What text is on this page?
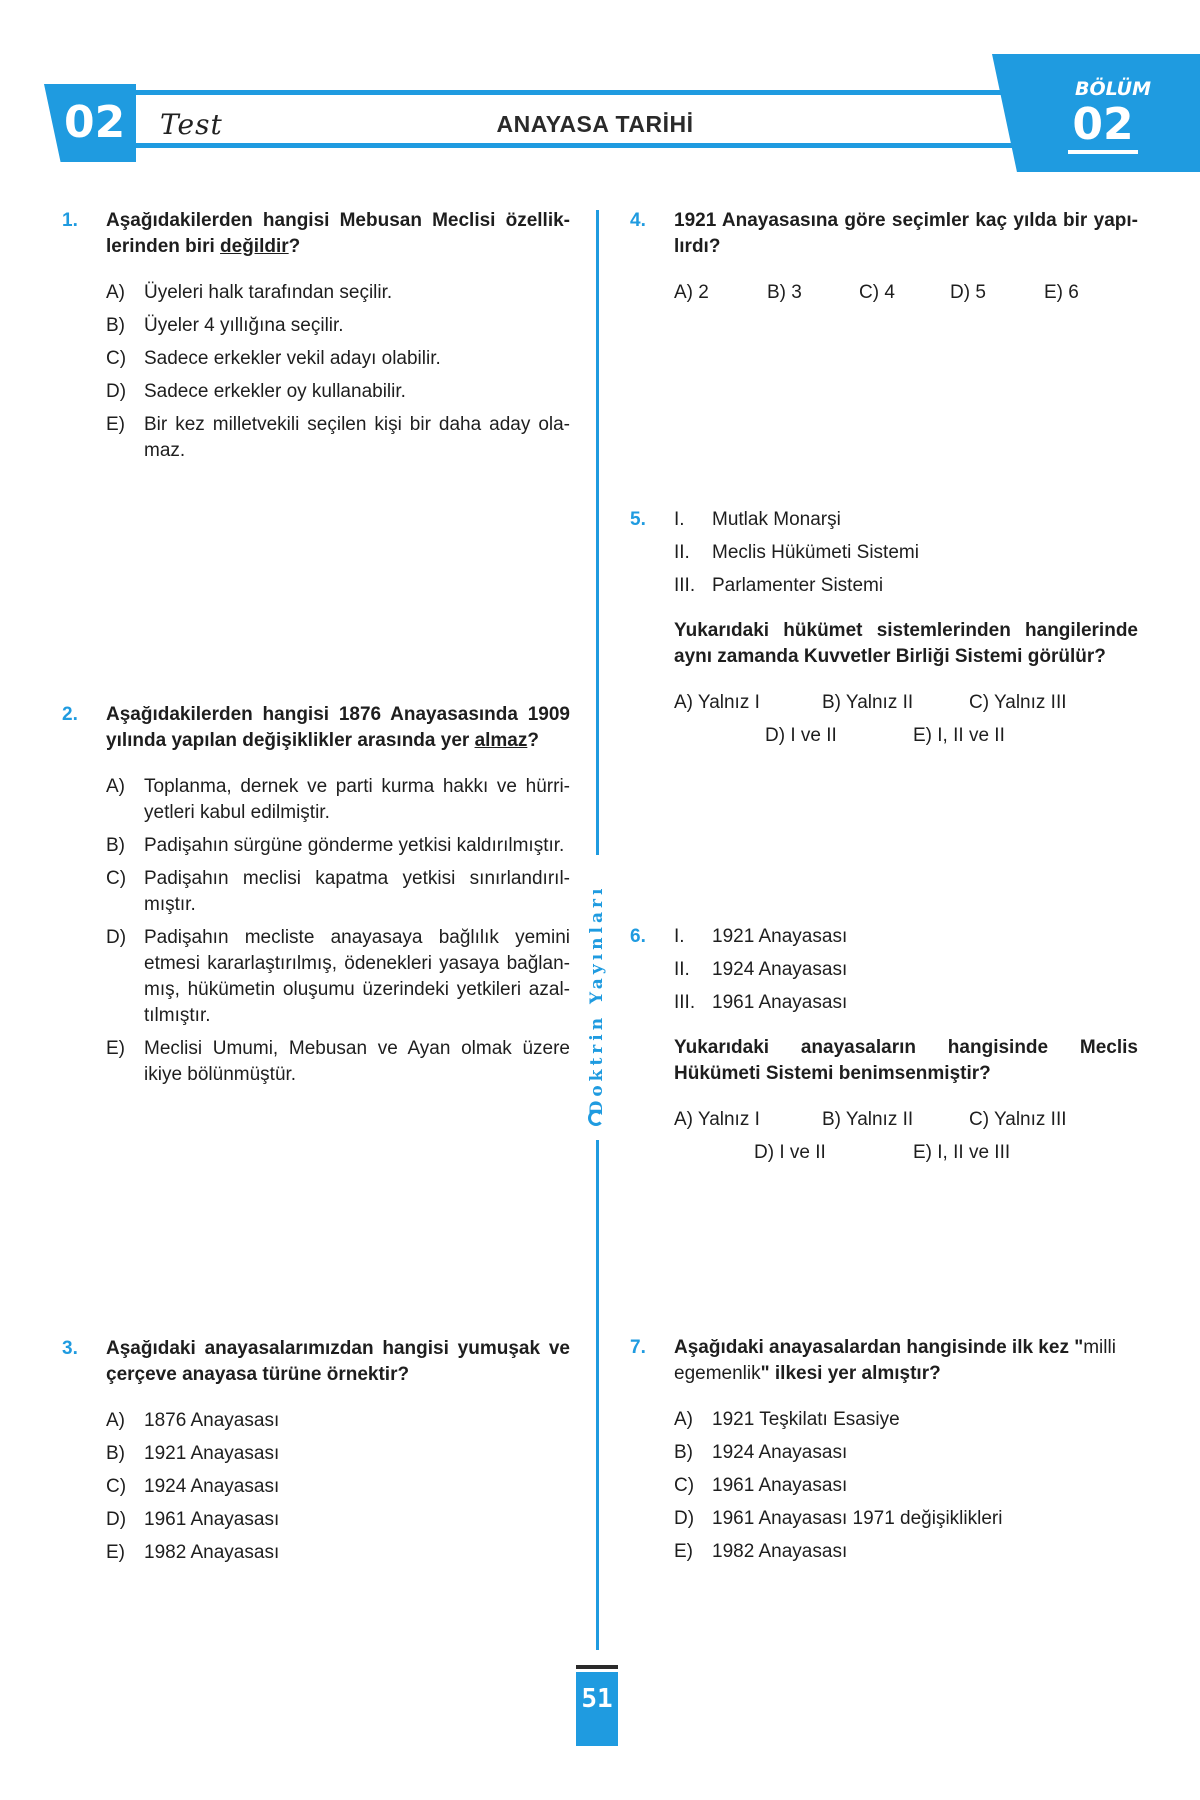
02 Test	ANAYASA TARİHİ
BÖLÜM
02
Doktrin Yayınları
1. Aşağıdakilerden hangisi Mebusan Meclisi özelliklerinden biri değildir?
A)	Üyeleri halk tarafından seçilir.
B)	Üyeler 4 yıllığına seçilir.
C) Sadece erkekler vekil adayı olabilir.
D) Sadece erkekler oy kullanabilir.
E)	Bir kez milletvekili seçilen kişi bir daha aday olamaz.
2. Aşağıdakilerden hangisi 1876 Anayasasında 1909 yılında yapılan değişiklikler arasında yer almaz?
A)	Toplanma, dernek ve parti kurma hakkı ve hürriyetleri kabul edilmiştir.
B)	Padişahın sürgüne gönderme yetkisi kaldırılmıştır.
C) Padişahın meclisi kapatma yetkisi sınırlandırılmıştır.
D) Padişahın mecliste anayasaya bağlılık yemini etmesi kararlaştırılmış, ödenekleri yasaya bağlanmış, hükümetin oluşumu üzerindeki yetkileri azaltılmıştır.
E)	Meclisi Umumi, Mebusan ve Ayan olmak üzere ikiye bölünmüştür.
3. Aşağıdaki anayasalarımızdan hangisi yumuşak ve çerçeve anayasa türüne örnektir?
A)	1876 Anayasası
B)	1921 Anayasası
C) 1924 Anayasası
D) 1961 Anayasası
E)	1982 Anayasası
4. 1921 Anayasasına göre seçimler kaç yılda bir yapılırdı?
A) 2	B) 3	C) 4	D) 5	E) 6
5. I.	Mutlak Monarşi
II.	Meclis Hükümeti Sistemi
III. Parlamenter Sistemi
Yukarıdaki hükümet sistemlerinden hangilerinde aynı zamanda Kuvvetler Birliği Sistemi görülür?
A) Yalnız I	B) Yalnız II	C) Yalnız III
D) I ve II	E) I, II ve II
6. I.	1921 Anayasası
II.	1924 Anayasası
III. 1961 Anayasası
Yukarıdaki anayasaların hangisinde Meclis Hükümeti Sistemi benimsenmiştir?
A) Yalnız I	B) Yalnız II	C) Yalnız III
D) I ve II	E) I, II ve III
7. Aşağıdaki anayasalardan hangisinde ilk kez "milli egemenlik" ilkesi yer almıştır?
A)	1921 Teşkilatı Esasiye
B)	1924 Anayasası
C) 1961 Anayasası
D) 1961 Anayasası 1971 değişiklikleri
E)	1982 Anayasası
51
